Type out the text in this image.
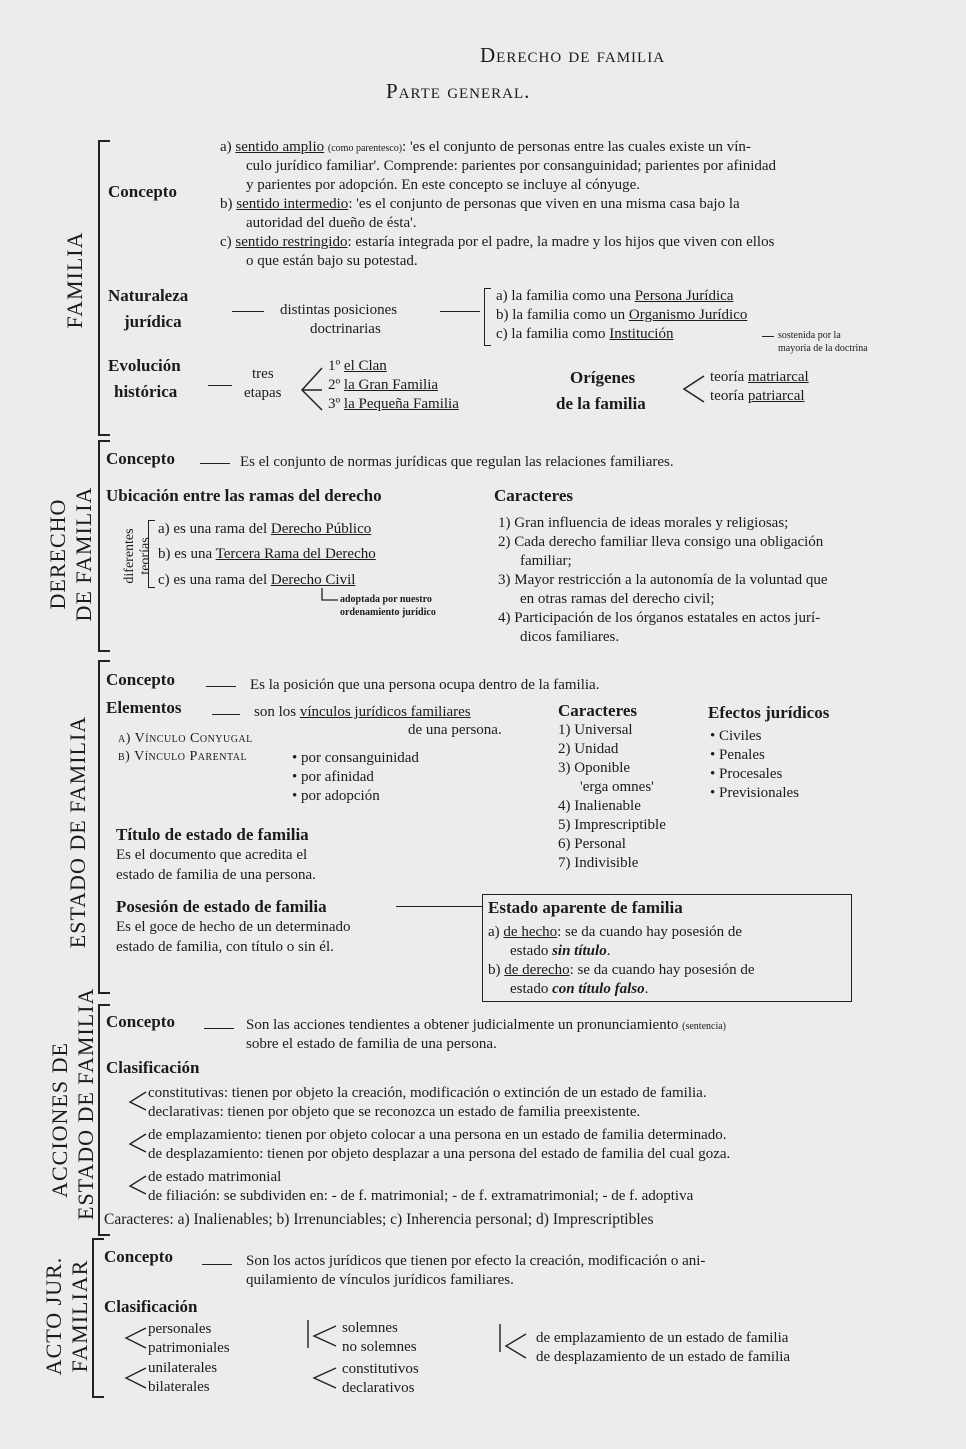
Derecho de familia
Parte general.
FAMILIA
Concepto
a) sentido amplio (como parentesco): 'es el conjunto de personas entre las cuales existe un vín-
culo jurídico familiar'. Comprende: parientes por consanguinidad; parientes por afinidad
y parientes por adopción. En este concepto se incluye al cónyuge.
b) sentido intermedio: 'es el conjunto de personas que viven en una misma casa bajo la
autoridad del dueño de ésta'.
c) sentido restringido: estaría integrada por el padre, la madre y los hijos que viven con ellos
o que están bajo su potestad.
Naturaleza
jurídica
distintas posiciones
doctrinarias
a) la familia como una Persona Jurídica
b) la familia como un Organismo Jurídico
c) la familia como Institución	sostenida por la
mayoría de la doctrina
Evolución
histórica
tres
etapas
1º el Clan
2º la Gran Familia
3º la Pequeña Familia
Orígenes
de la familia
teoría matriarcal
teoría patriarcal
DERECHO DE FAMILIA
Concepto	Es el conjunto de normas jurídicas que regulan las relaciones familiares.
Ubicación entre las ramas del derecho
diferentes teorías
a) es una rama del Derecho Público
b) es una Tercera Rama del Derecho
c) es una rama del Derecho Civil
adoptada por nuestro
ordenamiento jurídico
Caracteres
1) Gran influencia de ideas morales y religiosas;
2) Cada derecho familiar lleva consigo una obligación
familiar;
3) Mayor restricción a la autonomía de la voluntad que
en otras ramas del derecho civil;
4) Participación de los órganos estatales en actos jurí-
dicos familiares.
ESTADO DE FAMILIA
Concepto	Es la posición que una persona ocupa dentro de la familia.
Elementos	son los vínculos jurídicos familiares
de una persona.
a) Vínculo Conyugal
b) Vínculo Parental	• por consanguinidad
• por afinidad
• por adopción
Caracteres
1) Universal
2) Unidad
3) Oponible
'erga omnes'
4) Inalienable
5) Imprescriptible
6) Personal
7) Indivisible
Efectos jurídicos
• Civiles
• Penales
• Procesales
• Previsionales
Título de estado de familia
Es el documento que acredita el
estado de familia de una persona.
Posesión de estado de familia
Es el goce de hecho de un determinado
estado de familia, con título o sin él.
Estado aparente de familia
a) de hecho: se da cuando hay posesión de
estado sin título.
b) de derecho: se da cuando hay posesión de
estado con título falso.
ACCIONES DE ESTADO DE FAMILIA Concepto	Son las acciones tendientes a obtener judicialmente un pronunciamiento (sentencia)
sobre el estado de familia de una persona.
Clasificación
constitutivas: tienen por objeto la creación, modificación o extinción de un estado de familia.
declarativas: tienen por objeto que se reconozca un estado de familia preexistente.
de emplazamiento: tienen por objeto colocar a una persona en un estado de familia determinado.
de desplazamiento: tienen por objeto desplazar a una persona del estado de familia del cual goza.
de estado matrimonial
de filiación: se subdividen en: - de f. matrimonial; - de f. extramatrimonial; - de f. adoptiva
Caracteres: a) Inalienables; b) Irrenunciables; c) Inherencia personal; d) Imprescriptibles
ACTO JUR. FAMILIAR
Concepto	Son los actos jurídicos que tienen por efecto la creación, modificación o ani-
quilamiento de vínculos jurídicos familiares.
Clasificación
personales
patrimoniales
unilaterales
bilaterales
solemnes
no solemnes
constitutivos
declarativos
de emplazamiento de un estado de familia
de desplazamiento de un estado de familia
